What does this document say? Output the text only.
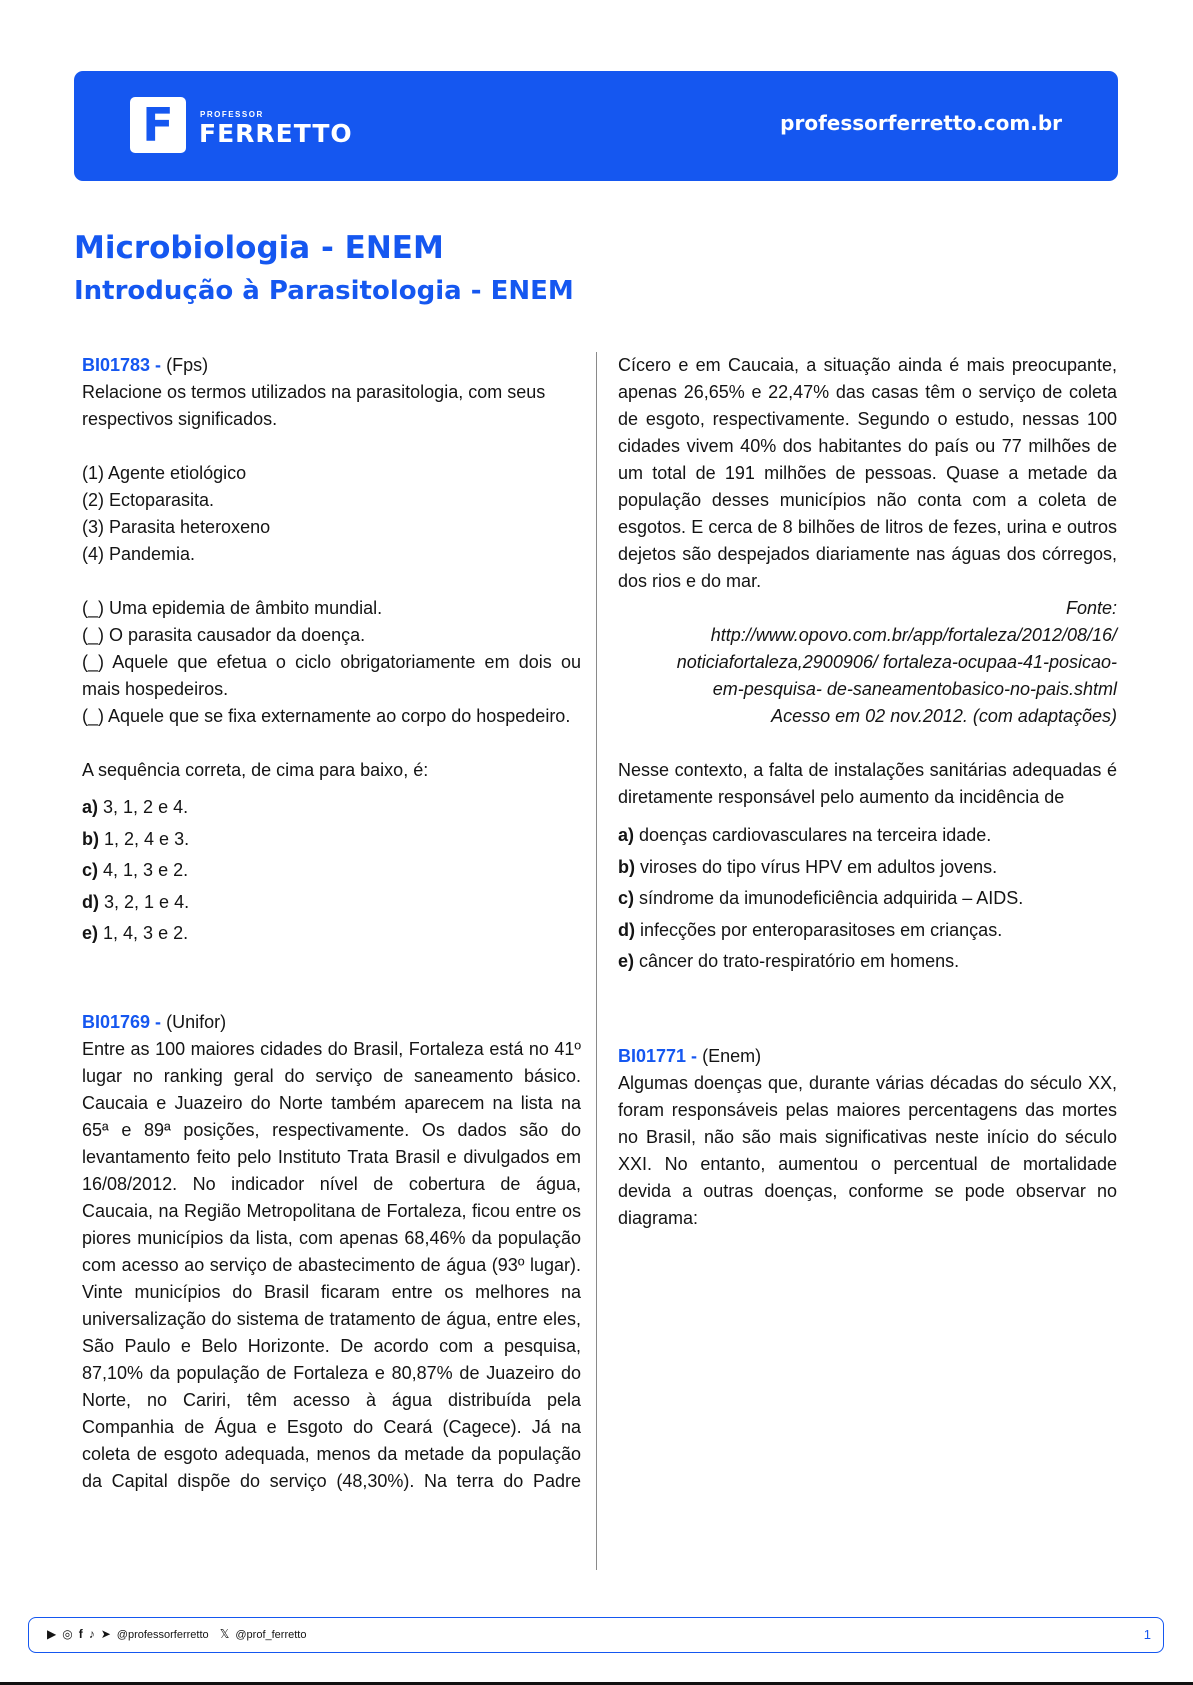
F	PROFESSOR
FERRETTO	professorferretto.com.br
Microbiologia - ENEM
Introdução à Parasitologia - ENEM

BI01783 - (Fps)

Relacione os termos utilizados na parasitologia, com seus respectivos significados.

(1) Agente etiológico

(2) Ectoparasita.

(3) Parasita heteroxeno

(4) Pandemia.

(_) Uma epidemia de âmbito mundial.

(_) O parasita causador da doença.

(_) Aquele que efetua o ciclo obrigatoriamente em dois ou mais hospedeiros.

(_) Aquele que se fixa externamente ao corpo do hospedeiro.

A sequência correta, de cima para baixo, é:

a) 3, 1, 2 e 4.

b) 1, 2, 4 e 3.

c) 4, 1, 3 e 2.

d) 3, 2, 1 e 4.

e) 1, 4, 3 e 2.

BI01769 - (Unifor)

Entre as 100 maiores cidades do Brasil, Fortaleza está no 41º lugar no ranking geral do serviço de saneamento básico. Caucaia e Juazeiro do Norte também aparecem na lista na 65ª e 89ª posições, respectivamente. Os dados são do levantamento feito pelo Instituto Trata Brasil e divulgados em 16/08/2012. No indicador nível de cobertura de água, Caucaia, na Região Metropolitana de Fortaleza, ficou entre os piores municípios da lista, com apenas 68,46% da população com acesso ao serviço de abastecimento de água (93º lugar). Vinte municípios do Brasil ficaram entre os melhores na universalização do sistema de tratamento de água, entre eles, São Paulo e Belo Horizonte. De acordo com a pesquisa, 87,10% da população de Fortaleza e 80,87% de Juazeiro do Norte, no Cariri, têm acesso à água distribuída pela Companhia de Água e Esgoto do Ceará (Cagece). Já na coleta de esgoto adequada, menos da metade da população da Capital dispõe do serviço (48,30%). Na terra do Padre

Cícero e em Caucaia, a situação ainda é mais preocupante, apenas 26,65% e 22,47% das casas têm o serviço de coleta de esgoto, respectivamente. Segundo o estudo, nessas 100 cidades vivem 40% dos habitantes do país ou 77 milhões de um total de 191 milhões de pessoas. Quase a metade da população desses municípios não conta com a coleta de esgotos. E cerca de 8 bilhões de litros de fezes, urina e outros dejetos são despejados diariamente nas águas dos córregos, dos rios e do mar.

Fonte:

http://www.opovo.com.br/app/fortaleza/2012/08/16/

noticiafortaleza,2900906/ fortaleza-ocupaa-41-posicao-

em-pesquisa- de-saneamentobasico-no-pais.shtml

Acesso em 02 nov.2012. (com adaptações)

Nesse contexto, a falta de instalações sanitárias adequadas é diretamente responsável pelo aumento da incidência de

a) doenças cardiovasculares na terceira idade.

b) viroses do tipo vírus HPV em adultos jovens.

c) síndrome da imunodeficiência adquirida – AIDS.

d) infecções por enteroparasitoses em crianças.

e) câncer do trato-respiratório em homens.

BI01771 - (Enem)

Algumas doenças que, durante várias décadas do século XX, foram responsáveis pelas maiores percentagens das mortes no Brasil, não são mais significativas neste início do século XXI. No entanto, aumentou o percentual de mortalidade devida a outras doenças, conforme se pode observar no diagrama:

▶ ◎ f ♪ ➤ @professorferretto 𝕏 @prof_ferretto	1
